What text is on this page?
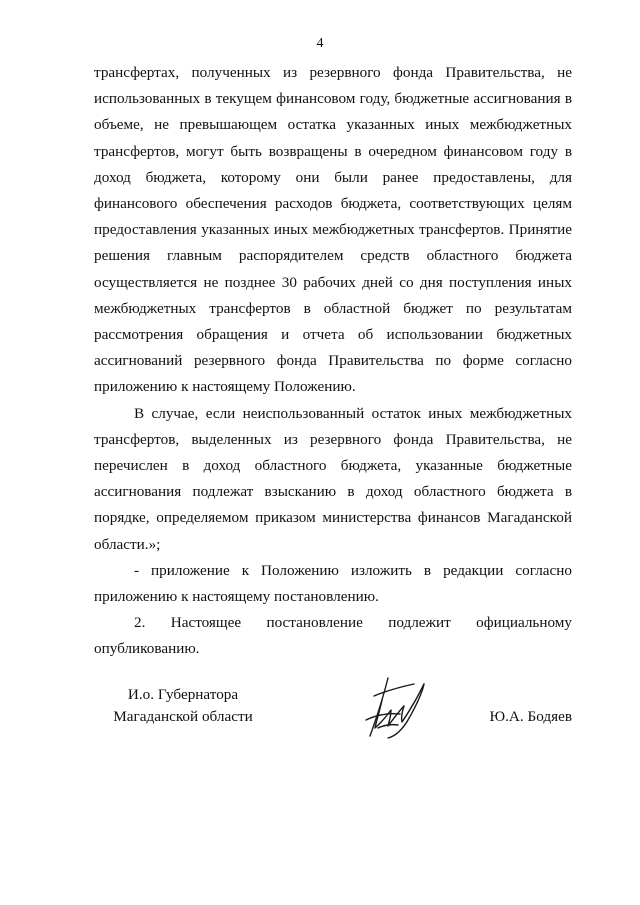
4

трансфертах, полученных из резервного фонда Правительства, не использованных в текущем финансовом году, бюджетные ассигнования в объеме, не превышающем остатка указанных иных межбюджетных трансфертов, могут быть возвращены в очередном финансовом году в доход бюджета, которому они были ранее предоставлены, для финансового обеспечения расходов бюджета, соответствующих целям предоставления указанных иных межбюджетных трансфертов. Принятие решения главным распорядителем средств областного бюджета осуществляется не позднее 30 рабочих дней со дня поступления иных межбюджетных трансфертов в областной бюджет по результатам рассмотрения обращения и отчета об использовании бюджетных ассигнований резервного фонда Правительства по форме согласно приложению к настоящему Положению.

В случае, если неиспользованный остаток иных межбюджетных трансфертов, выделенных из резервного фонда Правительства, не перечислен в доход областного бюджета, указанные бюджетные ассигнования подлежат взысканию в доход областного бюджета в порядке, определяемом приказом министерства финансов Магаданской области.»;

- приложение к Положению изложить в редакции согласно приложению к настоящему постановлению.

2. Настоящее постановление подлежит официальному опубликованию.

И.о. Губернатора
Магаданской области	Ю.А. Бодяев
